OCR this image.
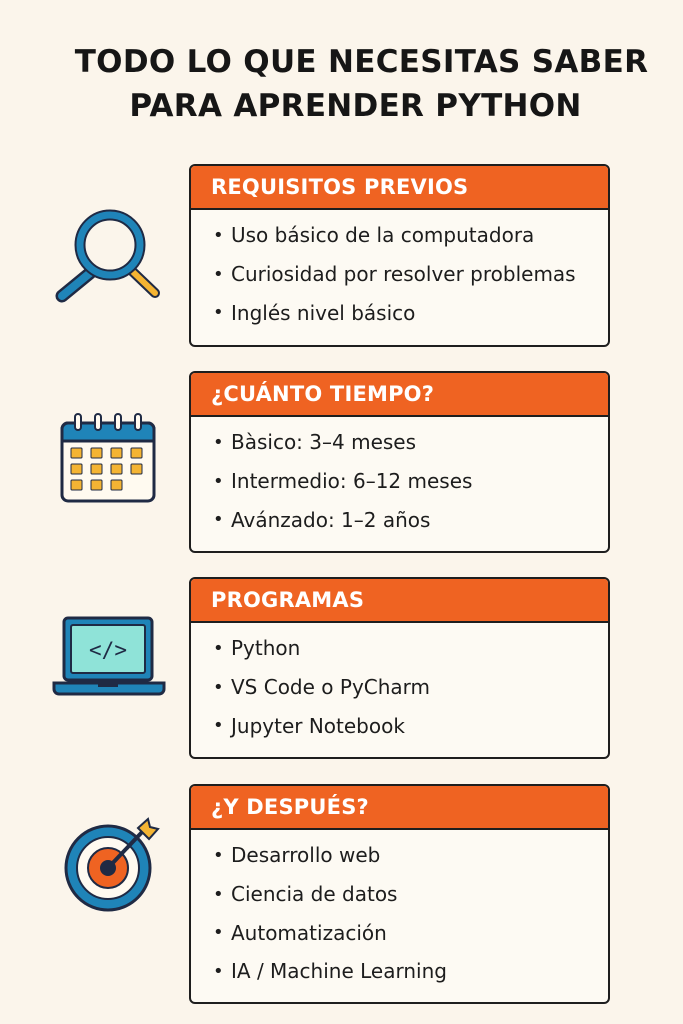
TODO LO QUE NECESITAS SABER
PARA APRENDER PYTHON
REQUISITOS PREVIOS
• Uso básico de la computadora
• Curiosidad por resolver problemas
• Inglés nivel básico
¿CUÁNTO TIEMPO?
• Bàsico: 3–4 meses
• Intermedio: 6–12 meses
• Avánzado: 1–2 años
</>
PROGRAMAS
• Python
• VS Code o PyCharm
• Jupyter Notebook
¿Y DESPUÉS?
• Desarrollo web
• Ciencia de datos
• Automatización
• IA / Machine Learning
